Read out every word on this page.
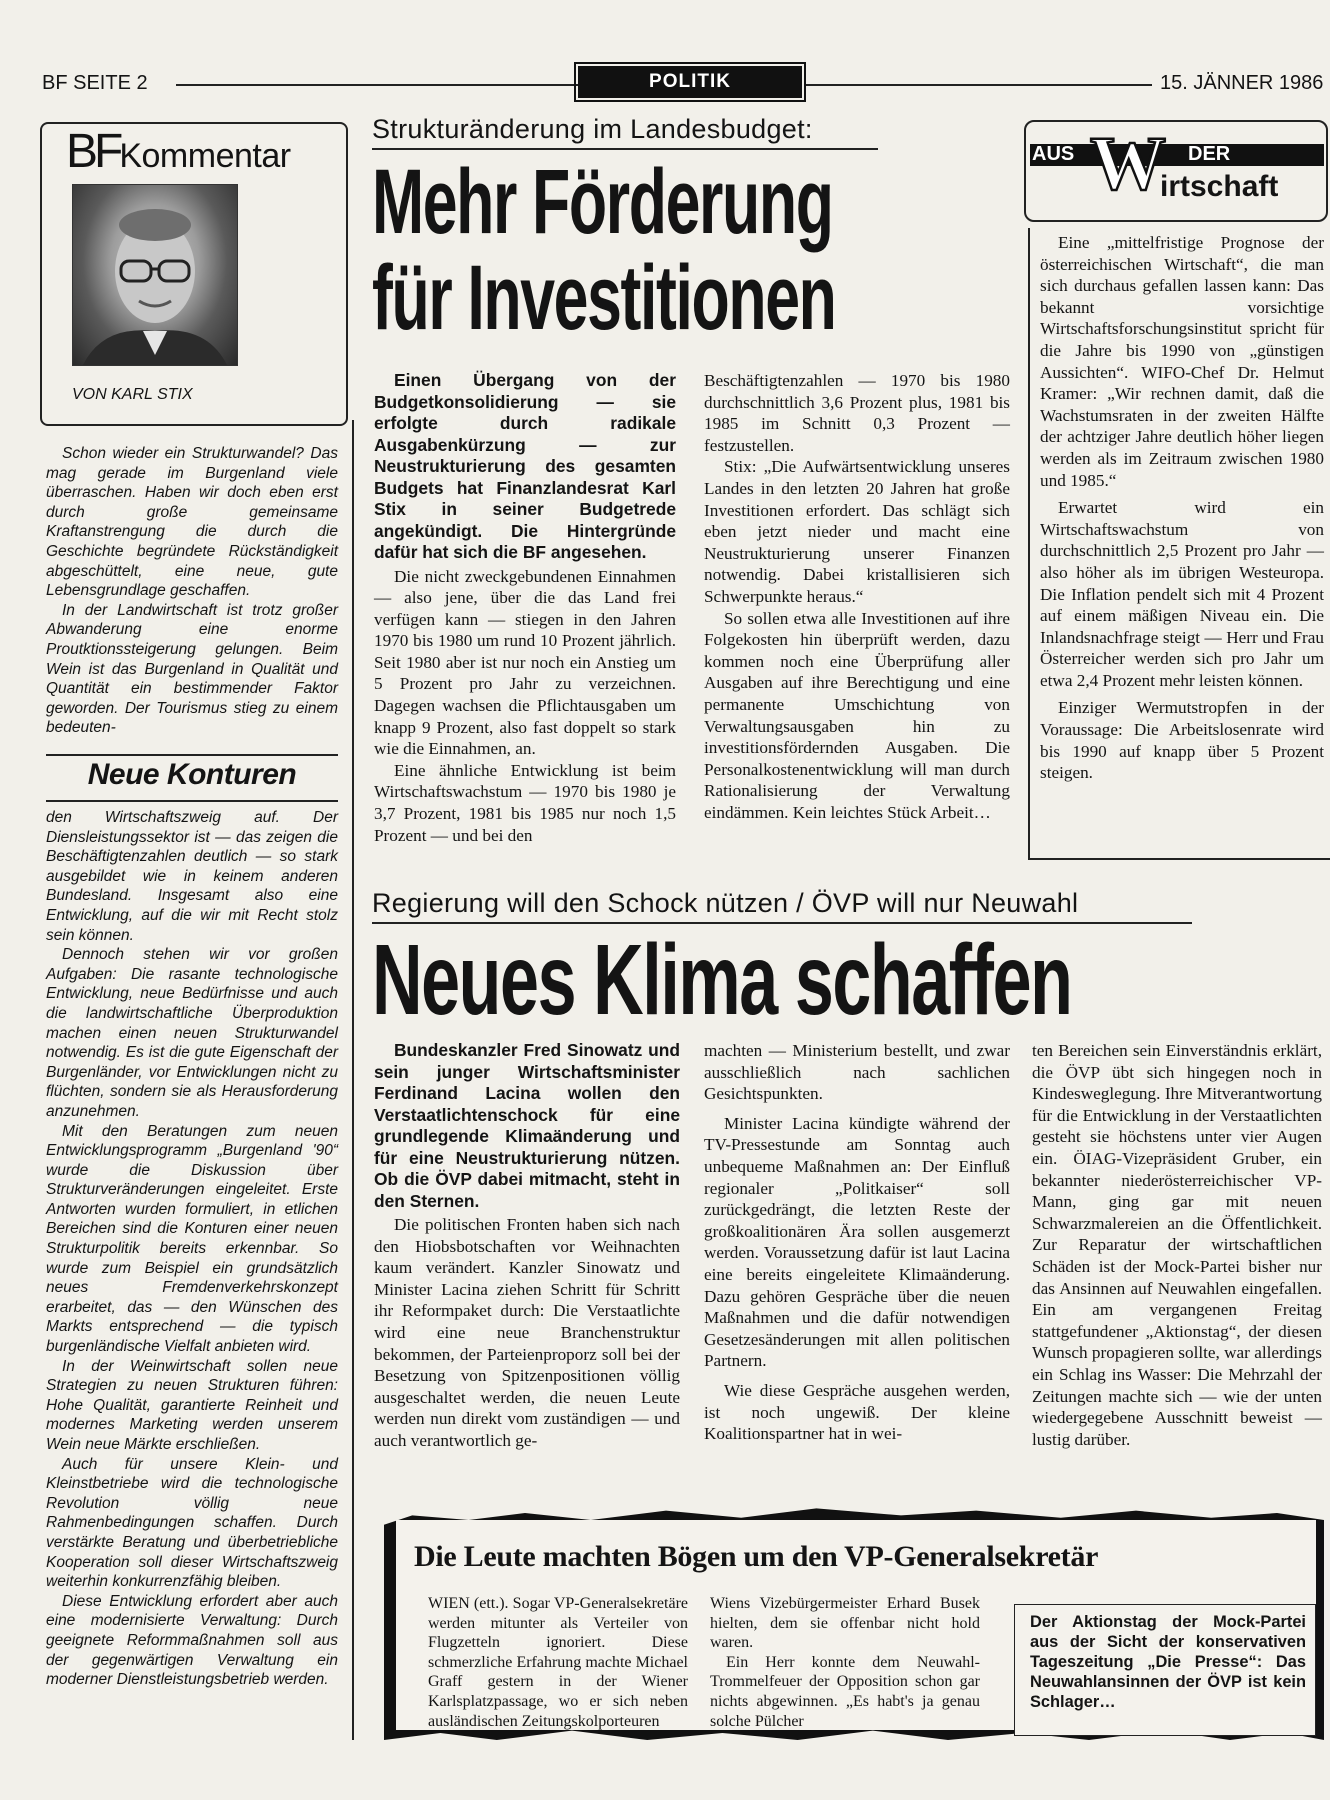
BF SEITE 2	POLITIK	15. JÄNNER 1986
BFKommentar
VON KARL STIX

Schon wieder ein Strukturwandel? Das mag gerade im Burgenland viele überraschen. Haben wir doch eben erst durch große gemeinsame Kraftanstrengung die durch die Geschichte begründete Rückständigkeit abgeschüttelt, eine neue, gute Lebensgrundlage geschaffen.

In der Landwirtschaft ist trotz großer Abwanderung eine enorme Proutktionssteigerung gelungen. Beim Wein ist das Burgenland in Qualität und Quantität ein bestimmender Faktor geworden. Der Tourismus stieg zu einem bedeuten-

Neue Konturen

den Wirtschaftszweig auf. Der Diensleistungssektor ist — das zeigen die Beschäftigtenzahlen deutlich — so stark ausgebildet wie in keinem anderen Bundesland. Insgesamt also eine Entwicklung, auf die wir mit Recht stolz sein können.

Dennoch stehen wir vor großen Aufgaben: Die rasante technologische Entwicklung, neue Bedürfnisse und auch die landwirtschaftliche Überproduktion machen einen neuen Strukturwandel notwendig. Es ist die gute Eigenschaft der Burgenländer, vor Entwicklungen nicht zu flüchten, sondern sie als Herausforderung anzunehmen.

Mit den Beratungen zum neuen Entwicklungsprogramm „Burgenland '90“ wurde die Diskussion über Strukturveränderungen eingeleitet. Erste Antworten wurden formuliert, in etlichen Bereichen sind die Konturen einer neuen Strukturpolitik bereits erkennbar. So wurde zum Beispiel ein grundsätzlich neues Fremdenverkehrskonzept erarbeitet, das — den Wünschen des Markts entsprechend — die typisch burgenländische Vielfalt anbieten wird.

In der Weinwirtschaft sollen neue Strategien zu neuen Strukturen führen: Hohe Qualität, garantierte Reinheit und modernes Marketing werden unserem Wein neue Märkte erschließen.

Auch für unsere Klein- und Kleinstbetriebe wird die technologische Revolution völlig neue Rahmenbedingungen schaffen. Durch verstärkte Beratung und überbetriebliche Kooperation soll dieser Wirtschaftszweig weiterhin konkurrenzfähig bleiben.

Diese Entwicklung erfordert aber auch eine modernisierte Verwaltung: Durch geeignete Reformmaßnahmen soll aus der gegenwärtigen Verwaltung ein moderner Dienstleistungsbetrieb werden.

Strukturänderung im Landesbudget:
Mehr Förderung
für Investitionen

Einen Übergang von der Budgetkonsolidierung — sie erfolgte durch radikale Ausgabenkürzung — zur Neustrukturierung des gesamten Budgets hat Finanzlandesrat Karl Stix in seiner Budgetrede angekündigt. Die Hintergründe dafür hat sich die BF angesehen.

Die nicht zweckgebundenen Einnahmen — also jene, über die das Land frei verfügen kann — stiegen in den Jahren 1970 bis 1980 um rund 10 Prozent jährlich. Seit 1980 aber ist nur noch ein Anstieg um 5 Prozent pro Jahr zu verzeichnen. Dagegen wachsen die Pflichtausgaben um knapp 9 Prozent, also fast doppelt so stark wie die Einnahmen, an.

Eine ähnliche Entwicklung ist beim Wirtschaftswachstum — 1970 bis 1980 je 3,7 Prozent, 1981 bis 1985 nur noch 1,5 Prozent — und bei den

Beschäftigtenzahlen — 1970 bis 1980 durchschnittlich 3,6 Prozent plus, 1981 bis 1985 im Schnitt 0,3 Prozent — festzustellen.

Stix: „Die Aufwärtsentwicklung unseres Landes in den letzten 20 Jahren hat große Investitionen erfordert. Das schlägt sich eben jetzt nieder und macht eine Neustrukturierung unserer Finanzen notwendig. Dabei kristallisieren sich Schwerpunkte heraus.“

So sollen etwa alle Investitionen auf ihre Folgekosten hin überprüft werden, dazu kommen noch eine Überprüfung aller Ausgaben auf ihre Berechtigung und eine permanente Umschichtung von Verwaltungsausgaben hin zu investitionsfördernden Ausgaben. Die Personalkostenentwicklung will man durch Rationalisierung der Verwaltung eindämmen. Kein leichtes Stück Arbeit…

AUS	DER
W
irtschaft

Eine „mittelfristige Prognose der österreichischen Wirtschaft“, die man sich durchaus gefallen lassen kann: Das bekannt vorsichtige Wirtschaftsforschungsinstitut spricht für die Jahre bis 1990 von „günstigen Aussichten“. WIFO-Chef Dr. Helmut Kramer: „Wir rechnen damit, daß die Wachstumsraten in der zweiten Hälfte der achtziger Jahre deutlich höher liegen werden als im Zeitraum zwischen 1980 und 1985.“

Erwartet wird ein Wirtschaftswachstum von durchschnittlich 2,5 Prozent pro Jahr — also höher als im übrigen Westeuropa. Die Inflation pendelt sich mit 4 Prozent auf einem mäßigen Niveau ein. Die Inlandsnachfrage steigt — Herr und Frau Österreicher werden sich pro Jahr um etwa 2,4 Prozent mehr leisten können.

Einziger Wermutstropfen in der Voraussage: Die Arbeitslosenrate wird bis 1990 auf knapp über 5 Prozent steigen.

Regierung will den Schock nützen / ÖVP will nur Neuwahl
Neues Klima schaffen

Bundeskanzler Fred Sinowatz und sein junger Wirtschaftsminister Ferdinand Lacina wollen den Verstaatlichtenschock für eine grundlegende Klimaänderung und für eine Neustrukturierung nützen. Ob die ÖVP dabei mitmacht, steht in den Sternen.

Die politischen Fronten haben sich nach den Hiobsbotschaften vor Weihnachten kaum verändert. Kanzler Sinowatz und Minister Lacina ziehen Schritt für Schritt ihr Reformpaket durch: Die Verstaatlichte wird eine neue Branchenstruktur bekommen, der Parteienproporz soll bei der Besetzung von Spitzenpositionen völlig ausgeschaltet werden, die neuen Leute werden nun direkt vom zuständigen — und auch verantwortlich ge-

machten — Ministerium bestellt, und zwar ausschließlich nach sachlichen Gesichtspunkten.

Minister Lacina kündigte während der TV-Pressestunde am Sonntag auch unbequeme Maßnahmen an: Der Einfluß regionaler „Politkaiser“ soll zurückgedrängt, die letzten Reste der großkoalitionären Ära sollen ausgemerzt werden. Voraussetzung dafür ist laut Lacina eine bereits eingeleitete Klimaänderung. Dazu gehören Gespräche über die neuen Maßnahmen und die dafür notwendigen Gesetzesänderungen mit allen politischen Partnern.

Wie diese Gespräche ausgehen werden, ist noch ungewiß. Der kleine Koalitionspartner hat in wei-

ten Bereichen sein Einverständnis erklärt, die ÖVP übt sich hingegen noch in Kindesweglegung. Ihre Mitverantwortung für die Entwicklung in der Verstaatlichten gesteht sie höchstens unter vier Augen ein. ÖIAG-Vizepräsident Gruber, ein bekannter niederösterreichischer VP-Mann, ging gar mit neuen Schwarzmalereien an die Öffentlichkeit. Zur Reparatur der wirtschaftlichen Schäden ist der Mock-Partei bisher nur das Ansinnen auf Neuwahlen eingefallen. Ein am vergangenen Freitag stattgefundener „Aktionstag“, der diesen Wunsch propagieren sollte, war allerdings ein Schlag ins Wasser: Die Mehrzahl der Zeitungen machte sich — wie der unten wiedergegebene Ausschnitt beweist — lustig darüber.

Die Leute machten Bögen um den VP-Generalsekretär
WIEN (ett.). Sogar VP-Generalsekretäre werden mitunter als Verteiler von Flugzetteln ignoriert. Diese schmerzliche Erfahrung machte Michael Graff gestern in der Wiener Karlsplatzpassage, wo er sich neben ausländischen Zeitungskolporteuren
Wiens Vizebürgermeister Erhard Busek hielten, dem sie offenbar nicht hold waren.
Ein Herr konnte dem Neuwahl-Trommelfeuer der Opposition schon gar nichts abgewinnen. „Es habt's ja genau solche Pülcher
Der Aktionstag der Mock-Partei aus der Sicht der konservativen Tageszeitung „Die Presse“: Das Neuwahlansinnen der ÖVP ist kein Schlager…
